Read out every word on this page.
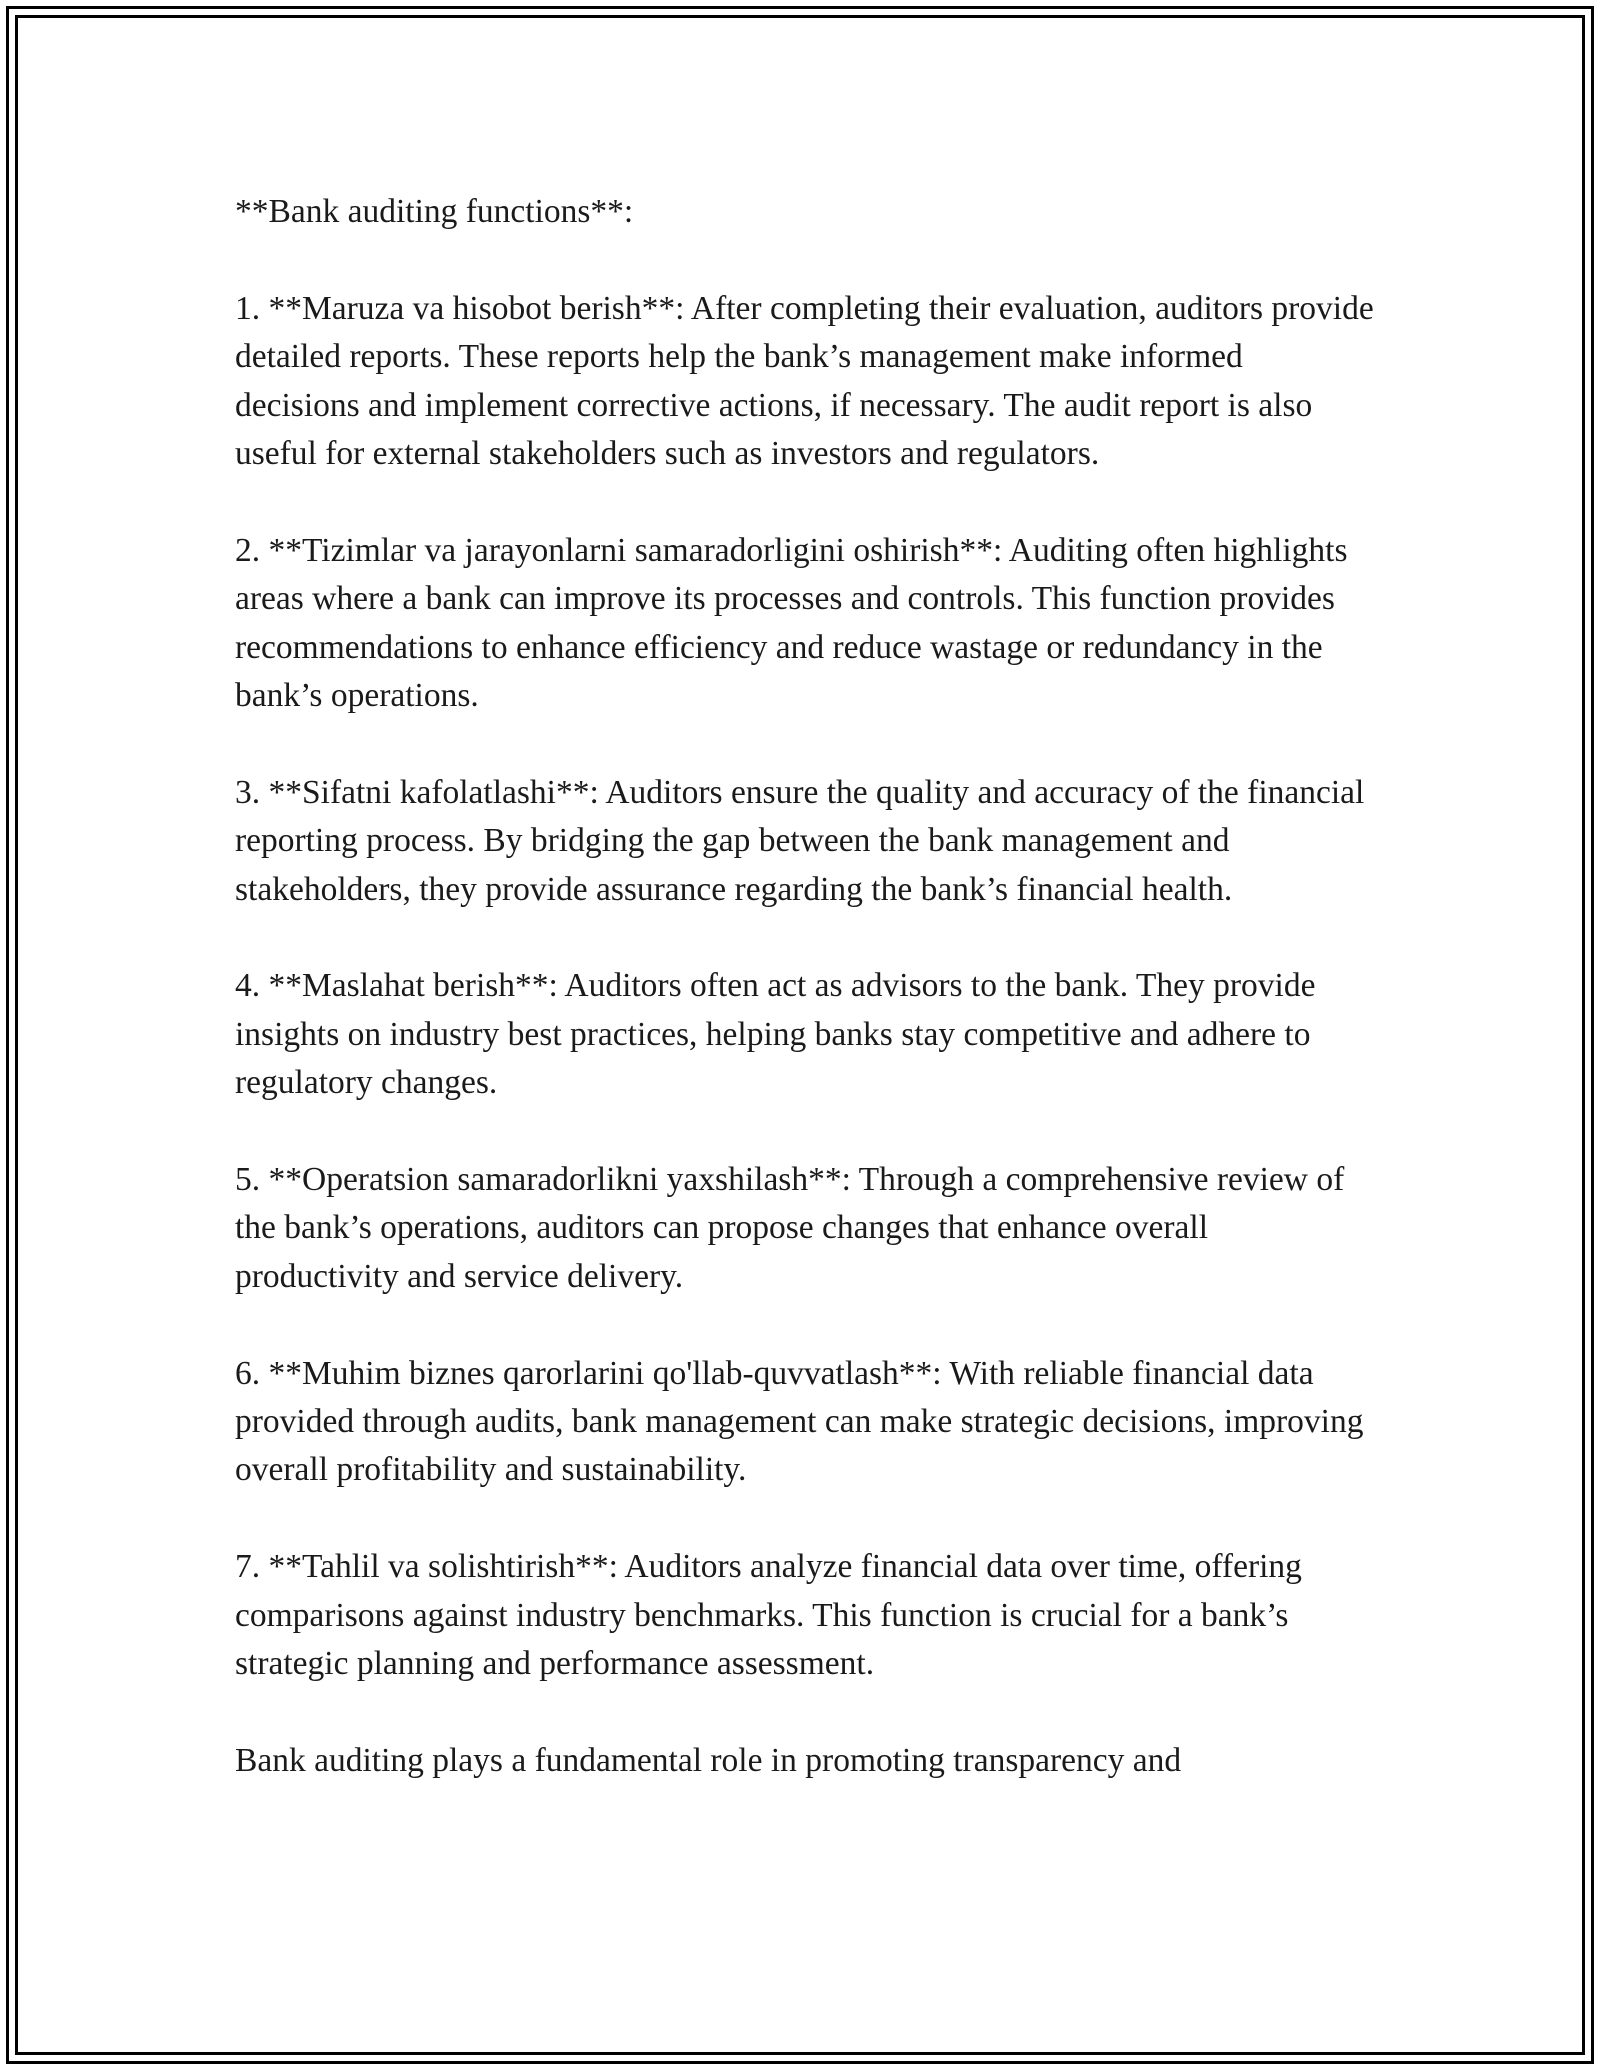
**Bank auditing functions**:

1. **Maruza va hisobot berish**: After completing their evaluation, auditors provide detailed reports. These reports help the bank’s management make informed decisions and implement corrective actions, if necessary. The audit report is also useful for external stakeholders such as investors and regulators.

2. **Tizimlar va jarayonlarni samaradorligini oshirish**: Auditing often highlights areas where a bank can improve its processes and controls. This function provides recommendations to enhance efficiency and reduce wastage or redundancy in the bank’s operations.

3. **Sifatni kafolatlashi**: Auditors ensure the quality and accuracy of the financial reporting process. By bridging the gap between the bank management and stakeholders, they provide assurance regarding the bank’s financial health.

4. **Maslahat berish**: Auditors often act as advisors to the bank. They provide insights on industry best practices, helping banks stay competitive and adhere to regulatory changes.

5. **Operatsion samaradorlikni yaxshilash**: Through a comprehensive review of the bank’s operations, auditors can propose changes that enhance overall productivity and service delivery.

6. **Muhim biznes qarorlarini qo'llab-quvvatlash**: With reliable financial data provided through audits, bank management can make strategic decisions, improving overall profitability and sustainability.

7. **Tahlil va solishtirish**: Auditors analyze financial data over time, offering comparisons against industry benchmarks. This function is crucial for a bank’s strategic planning and performance assessment.

Bank auditing plays a fundamental role in promoting transparency and
